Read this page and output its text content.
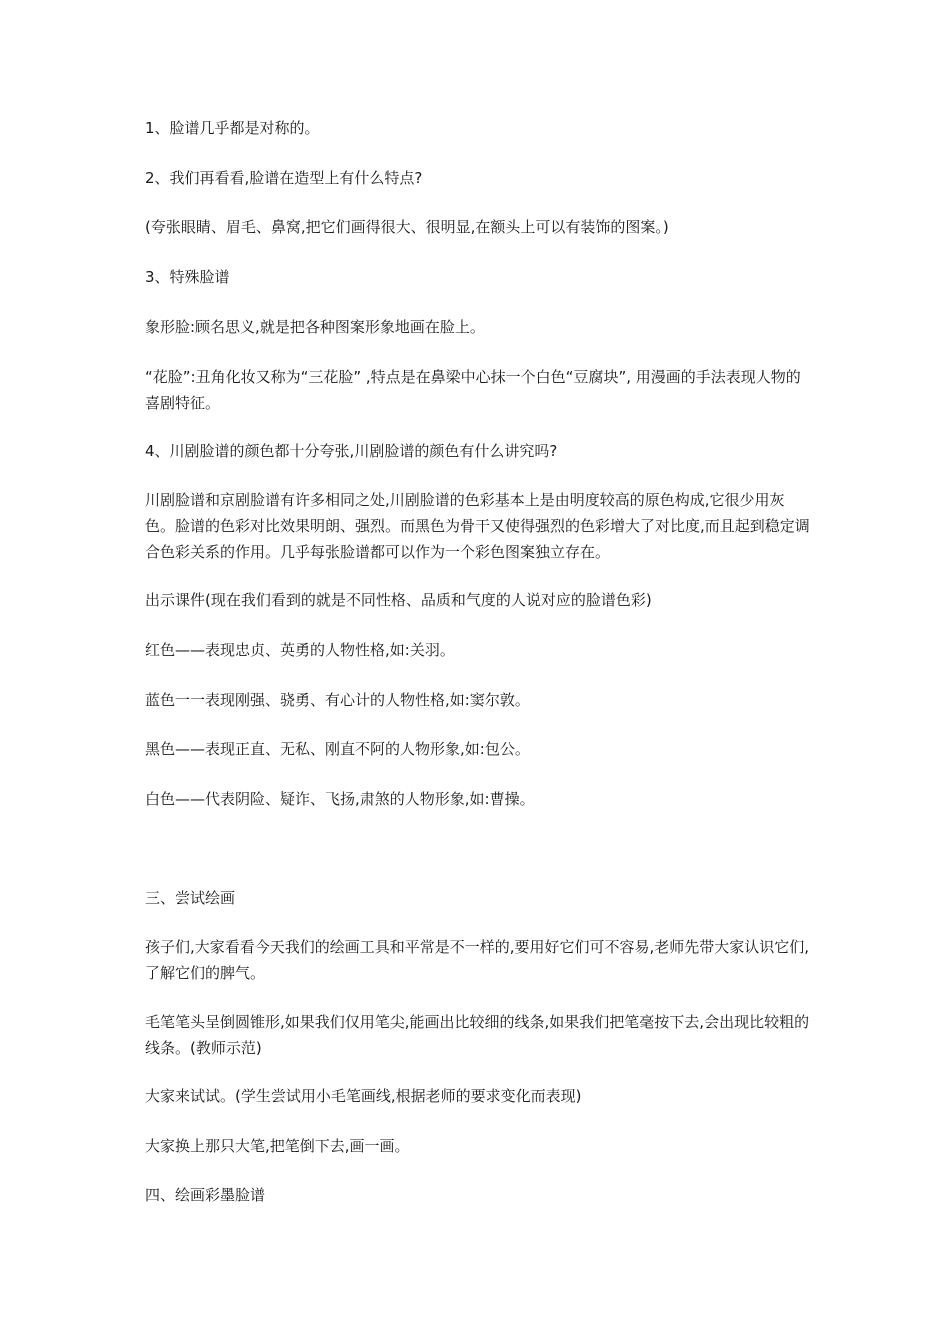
1、脸谱几乎都是对称的。

2、我们再看看,脸谱在造型上有什么特点?

(夸张眼睛、眉毛、鼻窝,把它们画得很大、很明显,在额头上可以有装饰的图案。)

3、特殊脸谱

象形脸:顾名思义,就是把各种图案形象地画在脸上。

“花脸”:丑角化妆又称为“三花脸” ,特点是在鼻梁中心抹一个白色“豆腐块”, 用漫画的手法表现人物的喜剧特征。

4、川剧脸谱的颜色都十分夸张,川剧脸谱的颜色有什么讲究吗?

川剧脸谱和京剧脸谱有许多相同之处,川剧脸谱的色彩基本上是由明度较高的原色构成,它很少用灰色。脸谱的色彩对比效果明朗、强烈。而黑色为骨干又使得强烈的色彩增大了对比度,而且起到稳定调合色彩关系的作用。几乎每张脸谱都可以作为一个彩色图案独立存在。

出示课件(现在我们看到的就是不同性格、品质和气度的人说对应的脸谱色彩)

红色——表现忠贞、英勇的人物性格,如:关羽。

蓝色一一表现刚强、骁勇、有心计的人物性格,如:窦尔敦。

黑色——表现正直、无私、刚直不阿的人物形象,如:包公。

白色——代表阴险、疑诈、飞扬,肃煞的人物形象,如:曹操。

三、尝试绘画

孩子们,大家看看今天我们的绘画工具和平常是不一样的,要用好它们可不容易,老师先带大家认识它们,了解它们的脾气。

毛笔笔头呈倒圆锥形,如果我们仅用笔尖,能画出比较细的线条,如果我们把笔毫按下去,会出现比较粗的线条。(教师示范)

大家来试试。(学生尝试用小毛笔画线,根据老师的要求变化而表现)

大家换上那只大笔,把笔倒下去,画一画。

四、绘画彩墨脸谱
